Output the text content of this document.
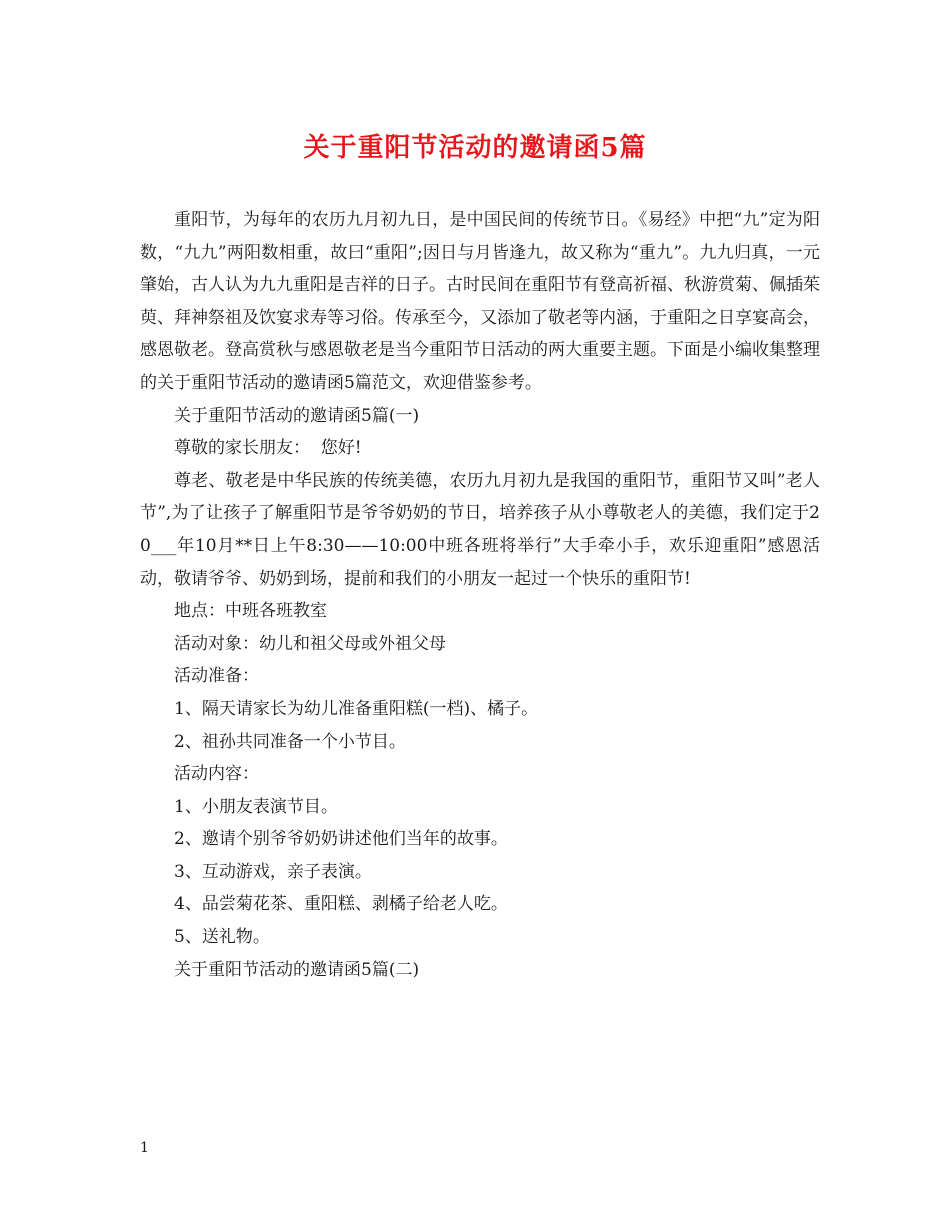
关于重阳节活动的邀请函5篇

重阳节，为每年的农历九月初九日，是中国民间的传统节日。《易经》中把“九”定为阳数，“九九”两阳数相重，故曰“重阳”;因日与月皆逢九，故又称为“重九”。九九归真，一元肇始，古人认为九九重阳是吉祥的日子。古时民间在重阳节有登高祈福、秋游赏菊、佩插茱萸、拜神祭祖及饮宴求寿等习俗。传承至今，又添加了敬老等内涵，于重阳之日享宴高会，感恩敬老。登高赏秋与感恩敬老是当今重阳节日活动的两大重要主题。下面是小编收集整理的关于重阳节活动的邀请函5篇范文，欢迎借鉴参考。

关于重阳节活动的邀请函5篇(一)

尊敬的家长朋友：  您好!

尊老、敬老是中华民族的传统美德，农历九月初九是我国的重阳节，重阳节又叫”老人节”,为了让孩子了解重阳节是爷爷奶奶的节日，培养孩子从小尊敬老人的美德，我们定于20___年10月**日上午8:30——10:00中班各班将举行”大手牵小手，欢乐迎重阳”感恩活动，敬请爷爷、奶奶到场，提前和我们的小朋友一起过一个快乐的重阳节!

地点：中班各班教室

活动对象：幼儿和祖父母或外祖父母

活动准备：

1、隔天请家长为幼儿准备重阳糕(一档)、橘子。

2、祖孙共同准备一个小节目。

活动内容：

1、小朋友表演节目。

2、邀请个别爷爷奶奶讲述他们当年的故事。

3、互动游戏，亲子表演。

4、品尝菊花茶、重阳糕、剥橘子给老人吃。

5、送礼物。

关于重阳节活动的邀请函5篇(二)

1
